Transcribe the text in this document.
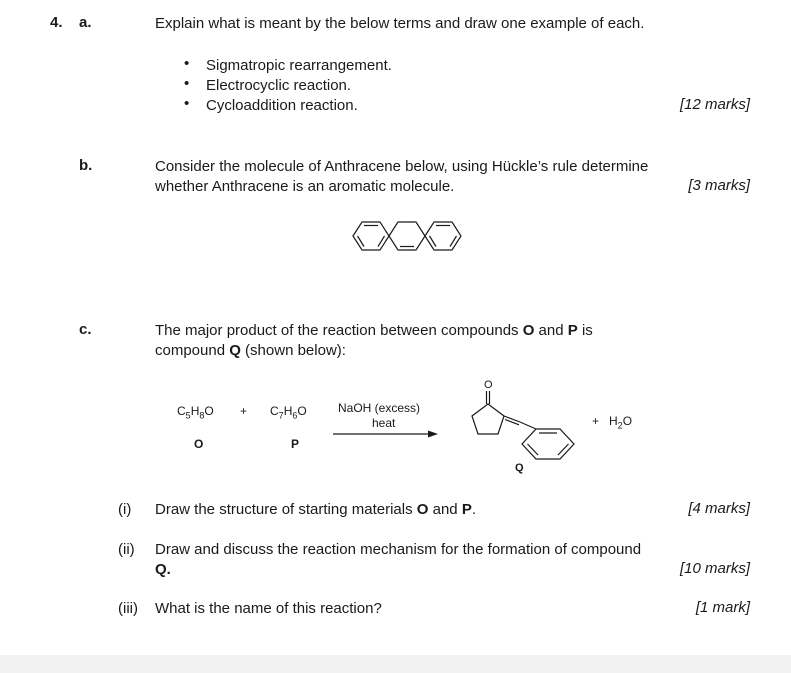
4. a.	Explain what is meant by the below terms and draw one example of each.
• Sigmatropic rearrangement.
• Electrocyclic reaction.
• Cycloaddition reaction.	[12 marks]
b.	Consider the molecule of Anthracene below, using Hückle’s rule determine
whether Anthracene is an aromatic molecule.	[3 marks]
c.	The major product of the reaction between compounds O and P is
compound Q (shown below):
$C_5H_8O$
O
+ $C_7H_6O$
P
NaOH (excess)
heat
O
Q
+ $H_2O$
(i) Draw the structure of starting materials O and P.	[4 marks]
(ii) Draw and discuss the reaction mechanism for the formation of compound
Q.	[10 marks]
(iii) What is the name of this reaction?	[1 mark]
